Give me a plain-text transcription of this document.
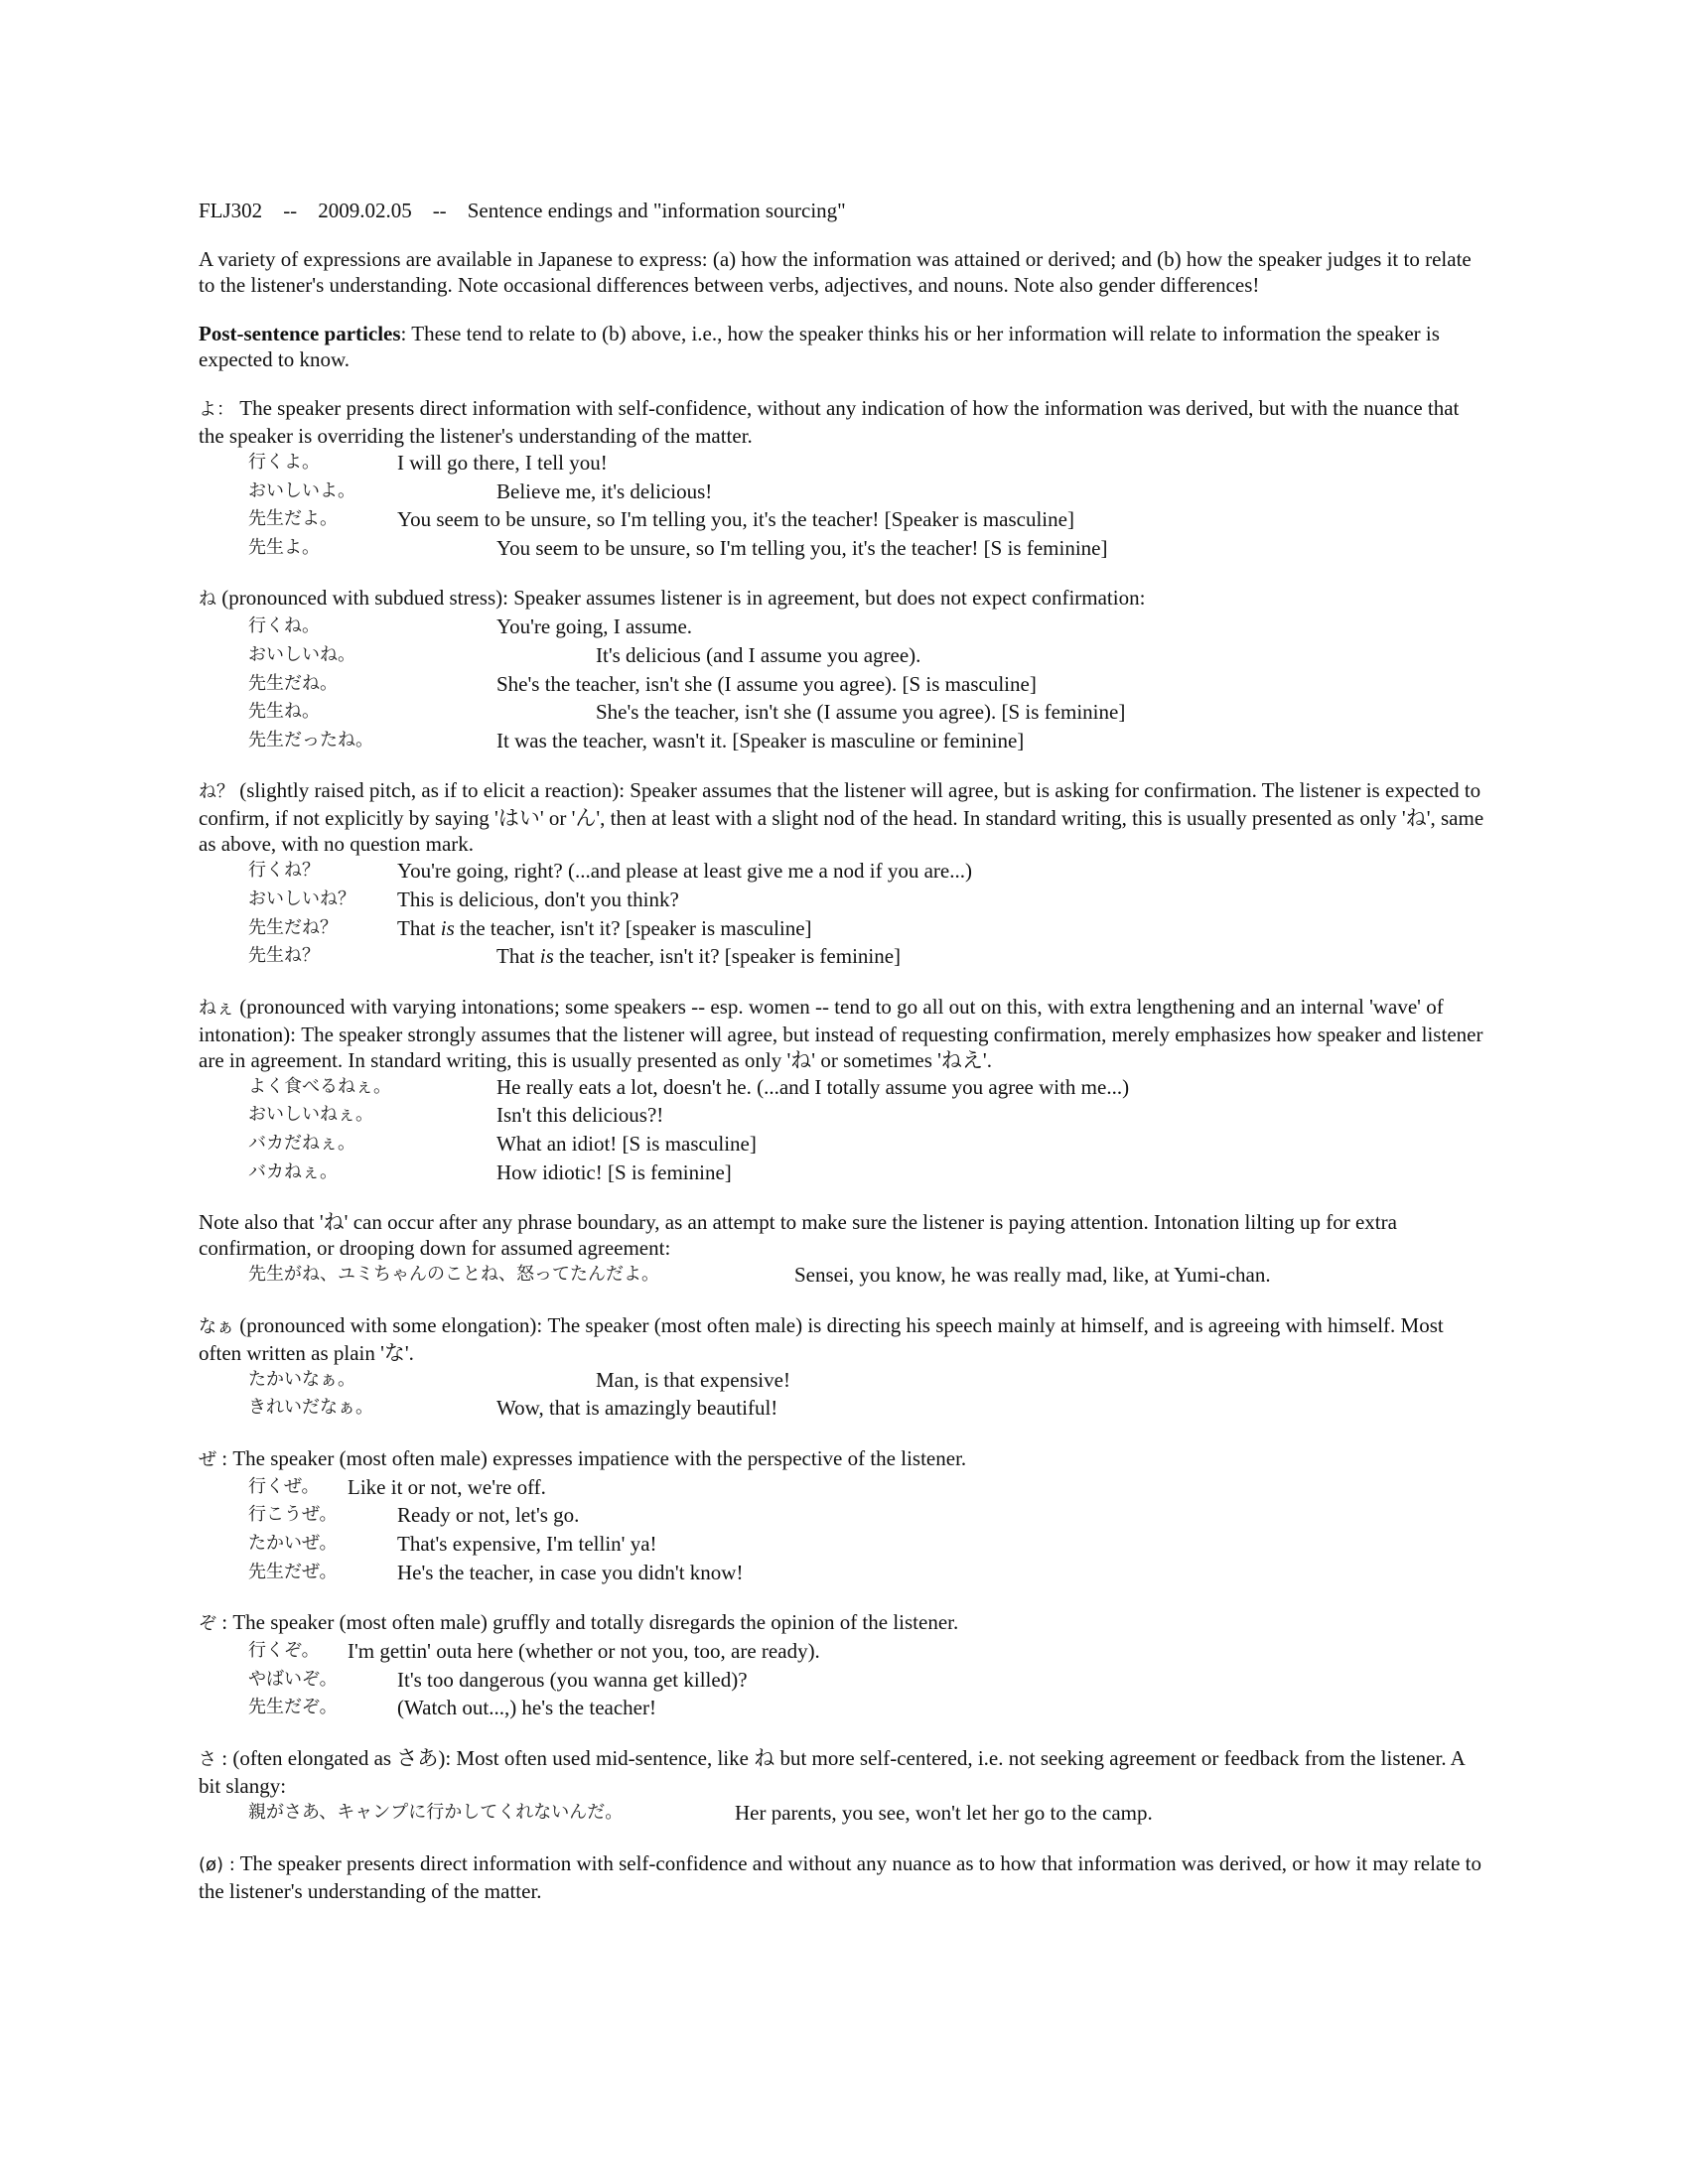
FLJ302 -- 2009.02.05 -- Sentence endings and "information sourcing"

A variety of expressions are available in Japanese to express: (a) how the information was attained or derived; and (b) how the speaker judges it to relate to the listener's understanding. Note occasional differences between verbs, adjectives, and nouns. Note also gender differences!

Post-sentence particles: These tend to relate to (b) above, i.e., how the speaker thinks his or her information will relate to information the speaker is expected to know.

よ： The speaker presents direct information with self-confidence, without any indication of how the information was derived, but with the nuance that the speaker is overriding the listener's understanding of the matter.
行くよ。	I will go there, I tell you!
おいしいよ。	Believe me, it's delicious!
先生だよ。	You seem to be unsure, so I'm telling you, it's the teacher! [Speaker is masculine]
先生よ。	You seem to be unsure, so I'm telling you, it's the teacher! [S is feminine]
ね (pronounced with subdued stress): Speaker assumes listener is in agreement, but does not expect confirmation:
行くね。	You're going, I assume.
おいしいね。	It's delicious (and I assume you agree).
先生だね。	She's the teacher, isn't she (I assume you agree). [S is masculine]
先生ね。	She's the teacher, isn't she (I assume you agree). [S is feminine]
先生だったね。	It was the teacher, wasn't it. [Speaker is masculine or feminine]
ね？ (slightly raised pitch, as if to elicit a reaction): Speaker assumes that the listener will agree, but is asking for confirmation. The listener is expected to confirm, if not explicitly by saying 'はい' or 'ん', then at least with a slight nod of the head. In standard writing, this is usually presented as only 'ね', same as above, with no question mark.
行くね？	You're going, right? (...and please at least give me a nod if you are...)
おいしいね？	This is delicious, don't you think?
先生だね？	That is the teacher, isn't it? [speaker is masculine]
先生ね？	That is the teacher, isn't it? [speaker is feminine]
ねぇ (pronounced with varying intonations; some speakers -- esp. women -- tend to go all out on this, with extra lengthening and an internal 'wave' of intonation): The speaker strongly assumes that the listener will agree, but instead of requesting confirmation, merely emphasizes how speaker and listener are in agreement. In standard writing, this is usually presented as only 'ね' or sometimes 'ねえ'.
よく食べるねぇ。	He really eats a lot, doesn't he. (...and I totally assume you agree with me...)
おいしいねぇ。	Isn't this delicious?!
バカだねぇ。	What an idiot! [S is masculine]
バカねぇ。	How idiotic! [S is feminine]
Note also that 'ね' can occur after any phrase boundary, as an attempt to make sure the listener is paying attention. Intonation lilting up for extra confirmation, or drooping down for assumed agreement:
先生がね、ユミちゃんのことね、怒ってたんだよ。	Sensei, you know, he was really mad, like, at Yumi-chan.
なぁ (pronounced with some elongation): The speaker (most often male) is directing his speech mainly at himself, and is agreeing with himself. Most often written as plain 'な'.
たかいなぁ。	Man, is that expensive!
きれいだなぁ。	Wow, that is amazingly beautiful!
ぜ : The speaker (most often male) expresses impatience with the perspective of the listener.
行くぜ。	Like it or not, we're off.
行こうぜ。	Ready or not, let's go.
たかいぜ。	That's expensive, I'm tellin' ya!
先生だぜ。	He's the teacher, in case you didn't know!
ぞ : The speaker (most often male) gruffly and totally disregards the opinion of the listener.
行くぞ。	I'm gettin' outa here (whether or not you, too, are ready).
やばいぞ。	It's too dangerous (you wanna get killed)?
先生だぞ。	(Watch out...,) he's the teacher!
さ : (often elongated as さあ): Most often used mid-sentence, like ね but more self-centered, i.e. not seeking agreement or feedback from the listener. A bit slangy:
親がさあ、キャンプに行かしてくれないんだ。	Her parents, you see, won't let her go to the camp.
(ø) : The speaker presents direct information with self-confidence and without any nuance as to how that information was derived, or how it may relate to the listener's understanding of the matter.
